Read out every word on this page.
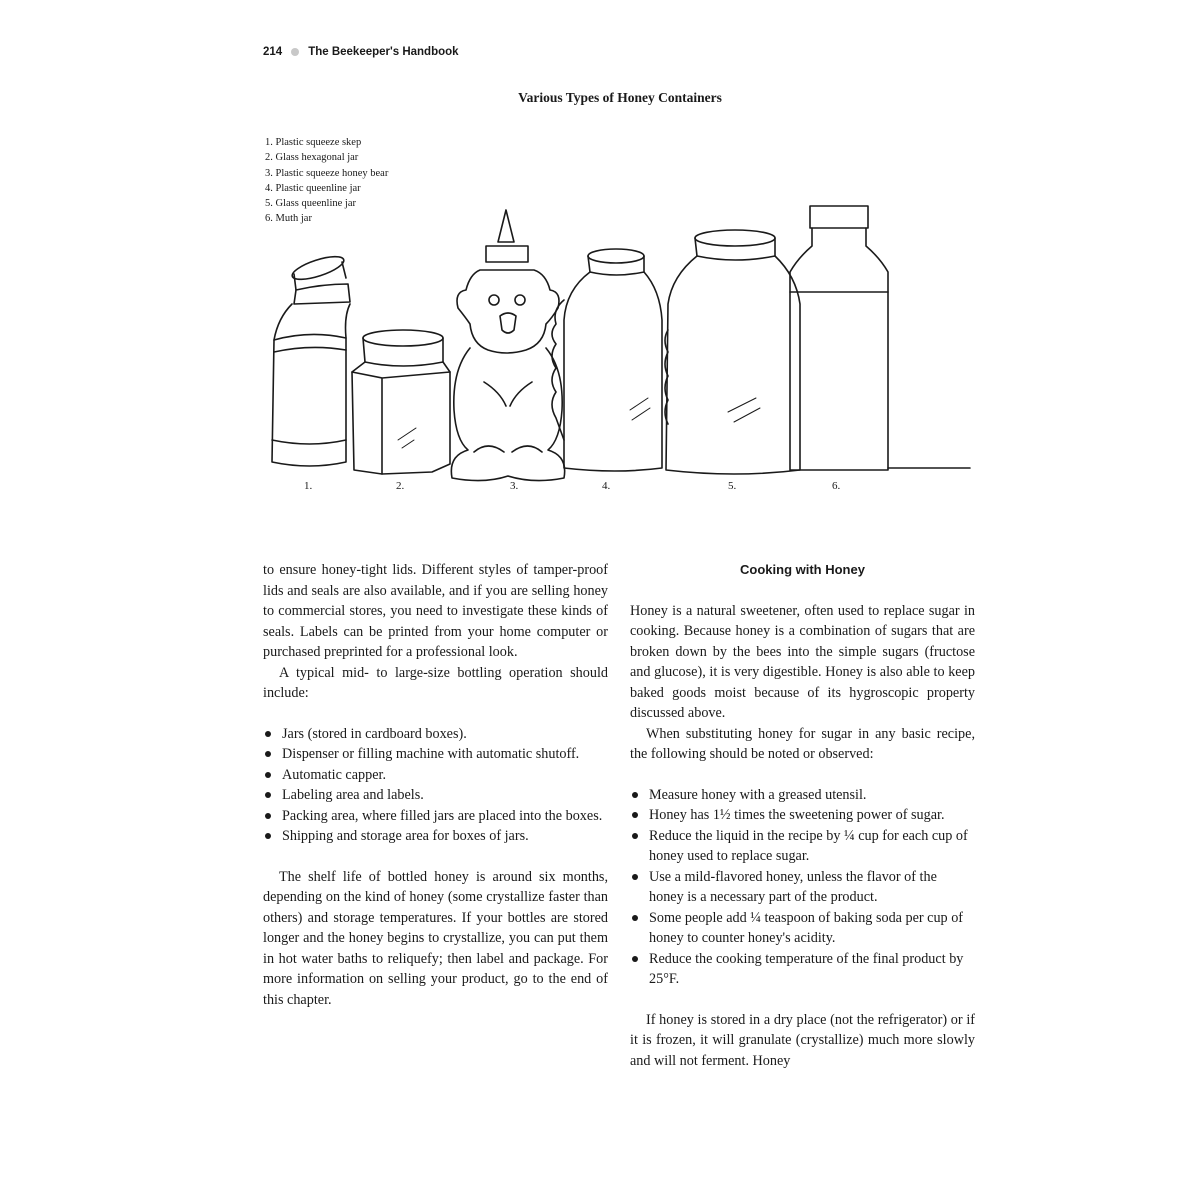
214 The Beekeeper's Handbook
Various Types of Honey Containers
1. Plastic squeeze skep
2. Glass hexagonal jar
3. Plastic squeeze honey bear
4. Plastic queenline jar
5. Glass queenline jar
6. Muth jar
1.	2.	3.	4.	5.	6.

to ensure honey-tight lids. Different styles of tamper-proof lids and seals are also available, and if you are selling honey to commercial stores, you need to investigate these kinds of seals. Labels can be printed from your home computer or purchased preprinted for a professional look.

A typical mid- to large-size bottling operation should include:

Jars (stored in cardboard boxes).
Dispenser or filling machine with automatic shutoff.
Automatic capper.
Labeling area and labels.
Packing area, where filled jars are placed into the boxes.
Shipping and storage area for boxes of jars.

The shelf life of bottled honey is around six months, depending on the kind of honey (some crystallize faster than others) and storage temperatures. If your bottles are stored longer and the honey begins to crystallize, you can put them in hot water baths to reliquefy; then label and package. For more information on selling your product, go to the end of this chapter.

Cooking with Honey

Honey is a natural sweetener, often used to replace sugar in cooking. Because honey is a combination of sugars that are broken down by the bees into the simple sugars (fructose and glucose), it is very digestible. Honey is also able to keep baked goods moist because of its hygroscopic property discussed above.

When substituting honey for sugar in any basic recipe, the following should be noted or observed:

Measure honey with a greased utensil.
Honey has 1½ times the sweetening power of sugar.
Reduce the liquid in the recipe by ¼ cup for each cup of honey used to replace sugar.
Use a mild-flavored honey, unless the flavor of the honey is a necessary part of the product.
Some people add ¼ teaspoon of baking soda per cup of honey to counter honey's acidity.
Reduce the cooking temperature of the final product by 25°F.

If honey is stored in a dry place (not the refrigerator) or if it is frozen, it will granulate (crystallize) much more slowly and will not ferment. Honey
